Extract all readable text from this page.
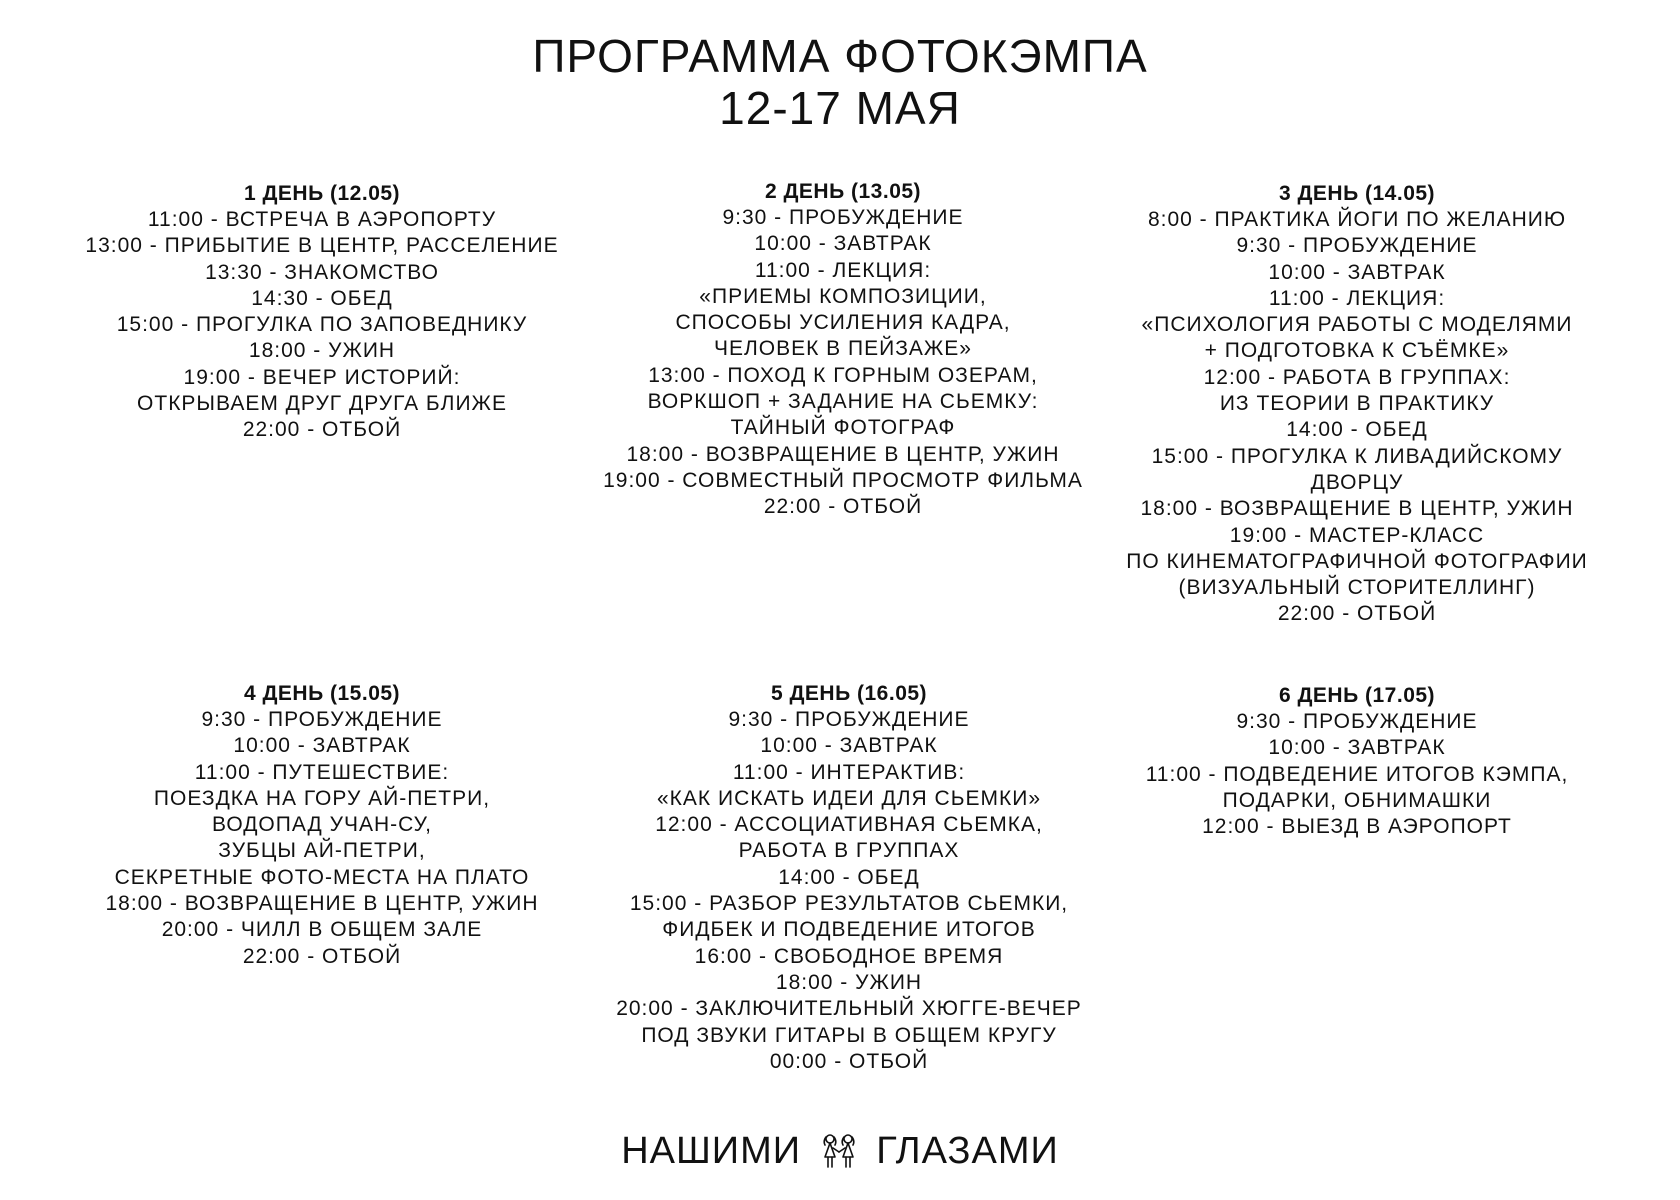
ПРОГРАММА ФОТОКЭМПА
12-17 МАЯ
1 ДЕНЬ (12.05)
11:00 - ВСТРЕЧА В АЭРОПОРТУ
13:00 - ПРИБЫТИЕ В ЦЕНТР, РАССЕЛЕНИЕ
13:30 - ЗНАКОМСТВО
14:30 - ОБЕД
15:00 - ПРОГУЛКА ПО ЗАПОВЕДНИКУ
18:00 - УЖИН
19:00 - ВЕЧЕР ИСТОРИЙ:
ОТКРЫВАЕМ ДРУГ ДРУГА БЛИЖЕ
22:00 - ОТБОЙ
2 ДЕНЬ (13.05)
9:30 - ПРОБУЖДЕНИЕ
10:00 - ЗАВТРАК
11:00 - ЛЕКЦИЯ:
«ПРИЕМЫ КОМПОЗИЦИИ,
СПОСОБЫ УСИЛЕНИЯ КАДРА,
ЧЕЛОВЕК В ПЕЙЗАЖЕ»
13:00 - ПОХОД К ГОРНЫМ ОЗЕРАМ,
ВОРКШОП + ЗАДАНИЕ НА СЬЕМКУ:
ТАЙНЫЙ ФОТОГРАФ
18:00 - ВОЗВРАЩЕНИЕ В ЦЕНТР, УЖИН
19:00 - СОВМЕСТНЫЙ ПРОСМОТР ФИЛЬМА
22:00 - ОТБОЙ
3 ДЕНЬ (14.05)
8:00 - ПРАКТИКА ЙОГИ ПО ЖЕЛАНИЮ
9:30 - ПРОБУЖДЕНИЕ
10:00 - ЗАВТРАК
11:00 - ЛЕКЦИЯ:
«ПСИХОЛОГИЯ РАБОТЫ С МОДЕЛЯМИ
+ ПОДГОТОВКА К СЪЁМКЕ»
12:00 - РАБОТА В ГРУППАХ:
ИЗ ТЕОРИИ В ПРАКТИКУ
14:00 - ОБЕД
15:00 - ПРОГУЛКА К ЛИВАДИЙСКОМУ
ДВОРЦУ
18:00 - ВОЗВРАЩЕНИЕ В ЦЕНТР, УЖИН
19:00 - МАСТЕР-КЛАСС
ПО КИНЕМАТОГРАФИЧНОЙ ФОТОГРАФИИ
(ВИЗУАЛЬНЫЙ СТОРИТЕЛЛИНГ)
22:00 - ОТБОЙ
4 ДЕНЬ (15.05)
9:30 - ПРОБУЖДЕНИЕ
10:00 - ЗАВТРАК
11:00 - ПУТЕШЕСТВИЕ:
ПОЕЗДКА НА ГОРУ АЙ-ПЕТРИ,
ВОДОПАД УЧАН-СУ,
ЗУБЦЫ АЙ-ПЕТРИ,
СЕКРЕТНЫЕ ФОТО-МЕСТА НА ПЛАТО
18:00 - ВОЗВРАЩЕНИЕ В ЦЕНТР, УЖИН
20:00 - ЧИЛЛ В ОБЩЕМ ЗАЛЕ
22:00 - ОТБОЙ
5 ДЕНЬ (16.05)
9:30 - ПРОБУЖДЕНИЕ
10:00 - ЗАВТРАК
11:00 - ИНТЕРАКТИВ:
«КАК ИСКАТЬ ИДЕИ ДЛЯ СЬЕМКИ»
12:00 - АССОЦИАТИВНАЯ СЬЕМКА,
РАБОТА В ГРУППАХ
14:00 - ОБЕД
15:00 - РАЗБОР РЕЗУЛЬТАТОВ СЬЕМКИ,
ФИДБЕК И ПОДВЕДЕНИЕ ИТОГОВ
16:00 - СВОБОДНОЕ ВРЕМЯ
18:00 - УЖИН
20:00 - ЗАКЛЮЧИТЕЛЬНЫЙ ХЮГГЕ-ВЕЧЕР
ПОД ЗВУКИ ГИТАРЫ В ОБЩЕМ КРУГУ
00:00 - ОТБОЙ
6 ДЕНЬ (17.05)
9:30 - ПРОБУЖДЕНИЕ
10:00 - ЗАВТРАК
11:00 - ПОДВЕДЕНИЕ ИТОГОВ КЭМПА,
ПОДАРКИ, ОБНИМАШКИ
12:00 - ВЫЕЗД В АЭРОПОРТ
НАШИМИ ГЛАЗАМИ
